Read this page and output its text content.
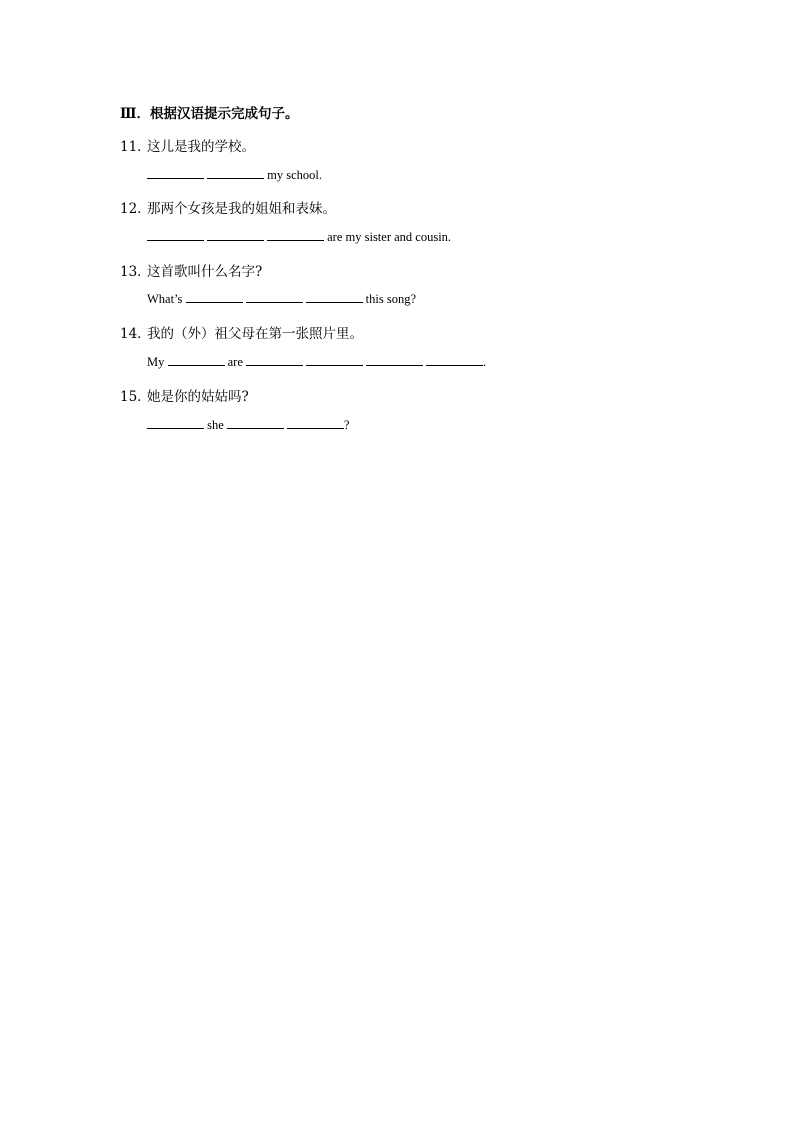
Ⅲ．根据汉语提示完成句子。
11．这儿是我的学校。
my school.
12．那两个女孩是我的姐姐和表妹。
are my sister and cousin.
13．这首歌叫什么名字?
What’s	this song?
14．我的（外）祖父母在第一张照片里。
My	are	.
15．她是你的姑姑吗?
she	?
